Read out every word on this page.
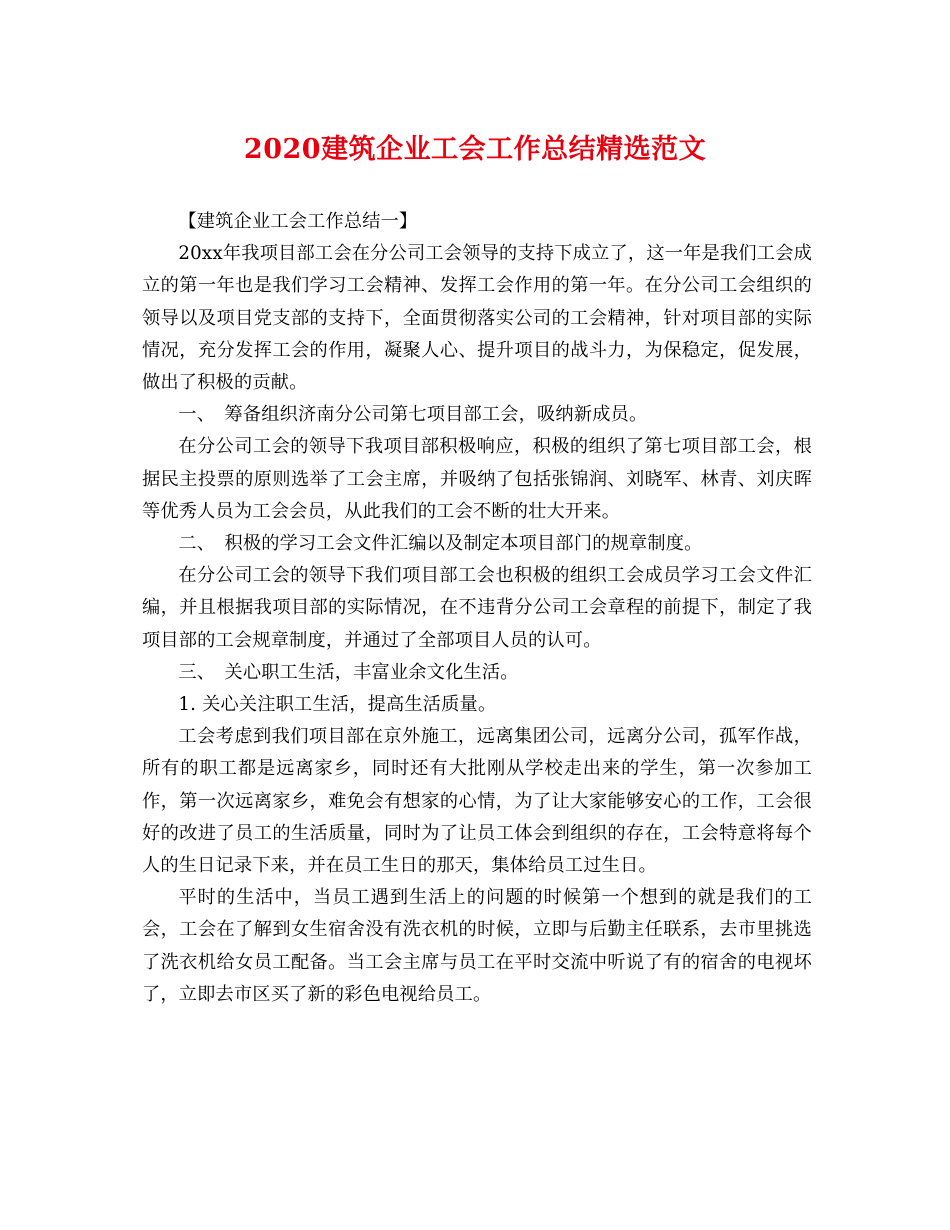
2020建筑企业工会工作总结精选范文

【建筑企业工会工作总结一】

20xx年我项目部工会在分公司工会领导的支持下成立了，这一年是我们工会成立的第一年也是我们学习工会精神、发挥工会作用的第一年。在分公司工会组织的领导以及项目党支部的支持下，全面贯彻落实公司的工会精神，针对项目部的实际情况，充分发挥工会的作用，凝聚人心、提升项目的战斗力，为保稳定，促发展，做出了积极的贡献。

一、　筹备组织济南分公司第七项目部工会，吸纳新成员。

在分公司工会的领导下我项目部积极响应，积极的组织了第七项目部工会，根据民主投票的原则选举了工会主席，并吸纳了包括张锦润、刘晓军、林青、刘庆晖等优秀人员为工会会员，从此我们的工会不断的壮大开来。

二、　积极的学习工会文件汇编以及制定本项目部门的规章制度。

在分公司工会的领导下我们项目部工会也积极的组织工会成员学习工会文件汇编，并且根据我项目部的实际情况，在不违背分公司工会章程的前提下，制定了我项目部的工会规章制度，并通过了全部项目人员的认可。

三、　关心职工生活，丰富业余文化生活。

1. 关心关注职工生活，提高生活质量。

工会考虑到我们项目部在京外施工，远离集团公司，远离分公司，孤军作战，所有的职工都是远离家乡，同时还有大批刚从学校走出来的学生，第一次参加工作，第一次远离家乡，难免会有想家的心情，为了让大家能够安心的工作，工会很好的改进了员工的生活质量，同时为了让员工体会到组织的存在，工会特意将每个人的生日记录下来，并在员工生日的那天，集体给员工过生日。

平时的生活中，当员工遇到生活上的问题的时候第一个想到的就是我们的工会，工会在了解到女生宿舍没有洗衣机的时候，立即与后勤主任联系，去市里挑选了洗衣机给女员工配备。当工会主席与员工在平时交流中听说了有的宿舍的电视坏了，立即去市区买了新的彩色电视给员工。
